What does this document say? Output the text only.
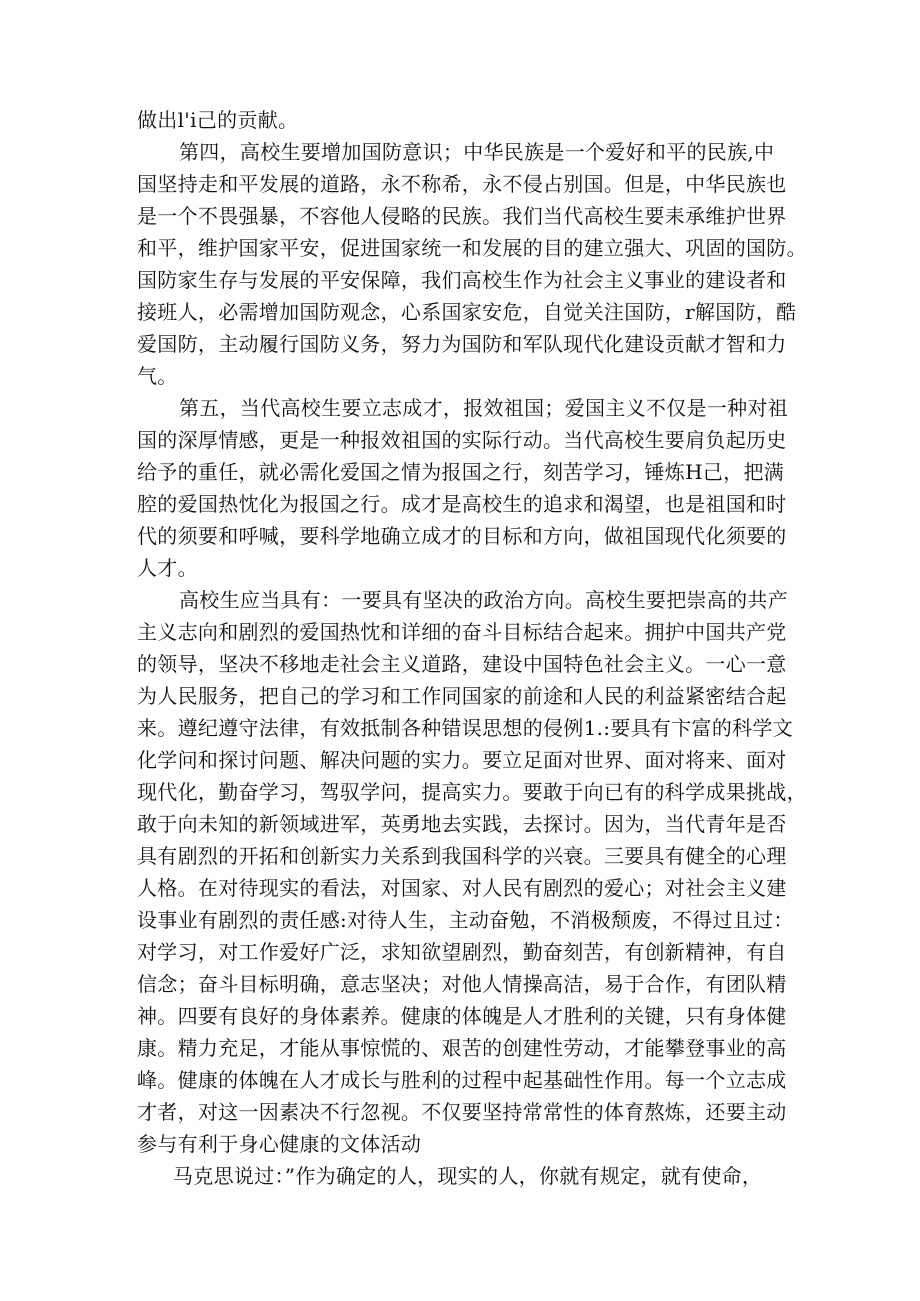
做出l'i己的贡献。
第四，高校生要增加国防意识；中华民族是一个爱好和平的民族,中
国坚持走和平发展的道路，永不称希，永不侵占别国。但是，中华民族也
是一个不畏强暴，不容他人侵略的民族。我们当代高校生要耒承维护世界
和平，维护国家平安，促进国家统一和发展的目的建立强大、巩固的国防。
国防家生存与发展的平安保障，我们高校生作为社会主义事业的建设者和
接班人，必需增加国防观念，心系国家安危，自觉关注国防，r解国防，酷
爱国防，主动履行国防义务，努力为国防和军队现代化建设贡献才智和力
气。
第五，当代高校生要立志成才，报效祖国；爱国主义不仅是一种对祖
国的深厚情感，更是一种报效祖国的实际行动。当代高校生要肩负起历史
给予的重任，就必需化爱国之情为报国之行，刻苦学习，锤炼H己，把满
腔的爱国热忱化为报国之行。成才是高校生的追求和渴望，也是祖国和时
代的须要和呼喊，要科学地确立成才的目标和方向，做祖国现代化须要的
人才。
高校生应当具有：一要具有坚决的政治方向。高校生要把崇高的共产
主义志向和剧烈的爱国热忱和详细的奋斗目标结合起来。拥护中国共产党
的领导，坚决不移地走社会主义道路，建设中国特色社会主义。一心一意
为人民服务，把自己的学习和工作同国家的前途和人民的利益紧密结合起
来。遵纪遵守法律，有效抵制各种错误思想的侵例1.:要具有卞富的科学文
化学问和探讨问题、解决问题的实力。要立足面对世界、面对将来、面对
现代化，勤奋学习，驾驭学问，提高实力。要敢于向已有的科学成果挑战，
敢于向未知的新领域进军，英勇地去实践，去探讨。因为，当代青年是否
具有剧烈的开拓和创新实力关系到我国科学的兴衰。三要具有健全的心理
人格。在对待现实的看法，对国家、对人民有剧烈的爱心；对社会主义建
设事业有剧烈的责任感:对待人生，主动奋勉，不消极颓废，不得过且过：
对学习，对工作爱好广泛，求知欲望剧烈，勤奋刻苦，有创新精神，有自
信念；奋斗目标明确，意志坚决；对他人情操高洁，易于合作，有团队精
神。四要有良好的身体素养。健康的体魄是人才胜利的关键，只有身体健
康。精力充足，才能从事惊慌的、艰苦的创建性劳动，才能攀登事业的高
峰。健康的体魄在人才成长与胜利的过程中起基础性作用。每一个立志成
才者，对这一因素决不行忽视。不仅要坚持常常性的体育熬炼，还要主动
参与有利于身心健康的文体活动
马克思说过：”作为确定的人，现实的人，你就有规定，就有使命，
